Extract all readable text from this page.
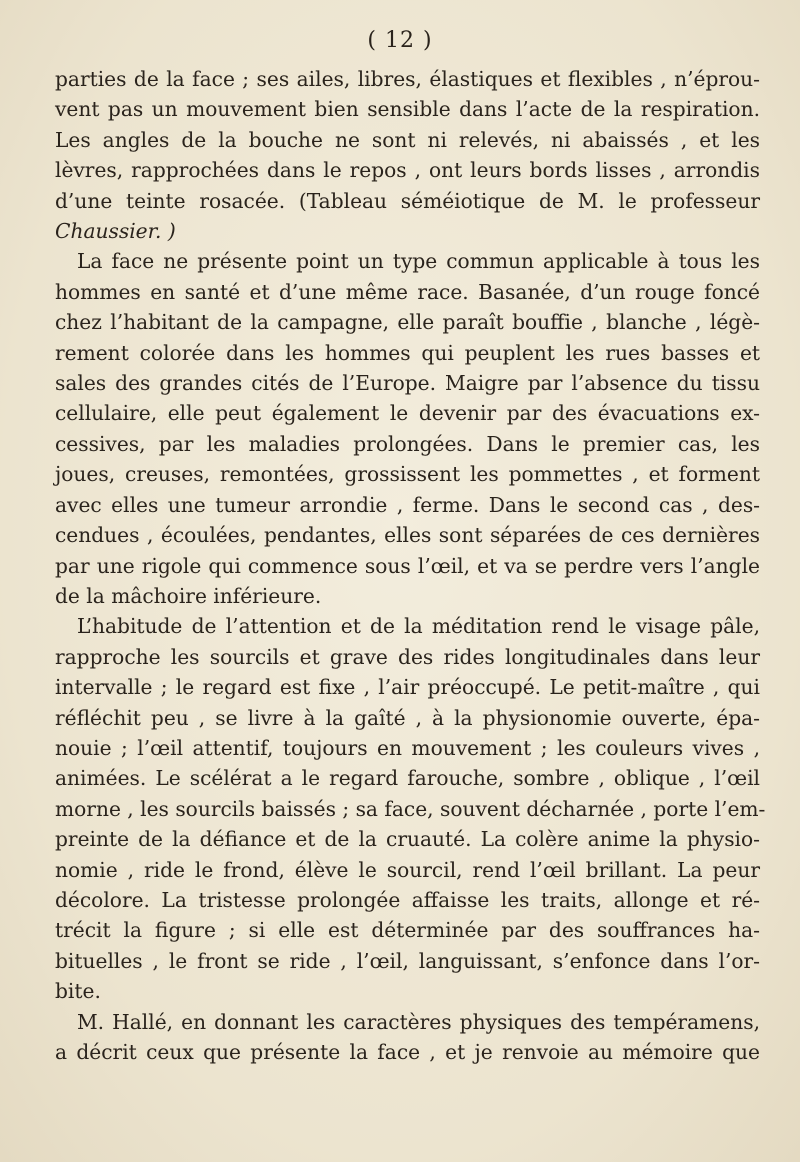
( 12 )
parties de la face ; ses ailes, libres, élastiques et flexibles , n’éprou-
vent pas un mouvement bien sensible dans l’acte de la respiration.
Les angles de la bouche ne sont ni relevés, ni abaissés , et les
lèvres, rapprochées dans le repos , ont leurs bords lisses , arrondis
d’une teinte rosacée. (Tableau séméiotique de M. le professeur
Chaussier. )
La face ne présente point un type commun applicable à tous les
hommes en santé et d’une même race. Basanée, d’un rouge foncé
chez l’habitant de la campagne, elle paraît bouffie , blanche , légè-
rement colorée dans les hommes qui peuplent les rues basses et
sales des grandes cités de l’Europe. Maigre par l’absence du tissu
cellulaire, elle peut également le devenir par des évacuations ex-
cessives, par les maladies prolongées. Dans le premier cas, les
joues, creuses, remontées, grossissent les pommettes , et forment
avec elles une tumeur arrondie , ferme. Dans le second cas , des-
cendues , écoulées, pendantes, elles sont séparées de ces dernières
par une rigole qui commence sous l’œil, et va se perdre vers l’angle
de la mâchoire inférieure.
L’habitude de l’attention et de la méditation rend le visage pâle,
rapproche les sourcils et grave des rides longitudinales dans leur
intervalle ; le regard est fixe , l’air préoccupé. Le petit-maître , qui
réfléchit peu , se livre à la gaîté , à la physionomie ouverte, épa-
nouie ; l’œil attentif, toujours en mouvement ; les couleurs vives ,
animées. Le scélérat a le regard farouche, sombre , oblique , l’œil
morne , les sourcils baissés ; sa face, souvent décharnée , porte l’em-
preinte de la défiance et de la cruauté. La colère anime la physio-
nomie , ride le frond, élève le sourcil, rend l’œil brillant. La peur
décolore. La tristesse prolongée affaisse les traits, allonge et ré-
trécit la figure ; si elle est déterminée par des souffrances ha-
bituelles , le front se ride , l’œil, languissant, s’enfonce dans l’or-
bite.
M. Hallé, en donnant les caractères physiques des tempéramens,
a décrit ceux que présente la face , et je renvoie au mémoire que
